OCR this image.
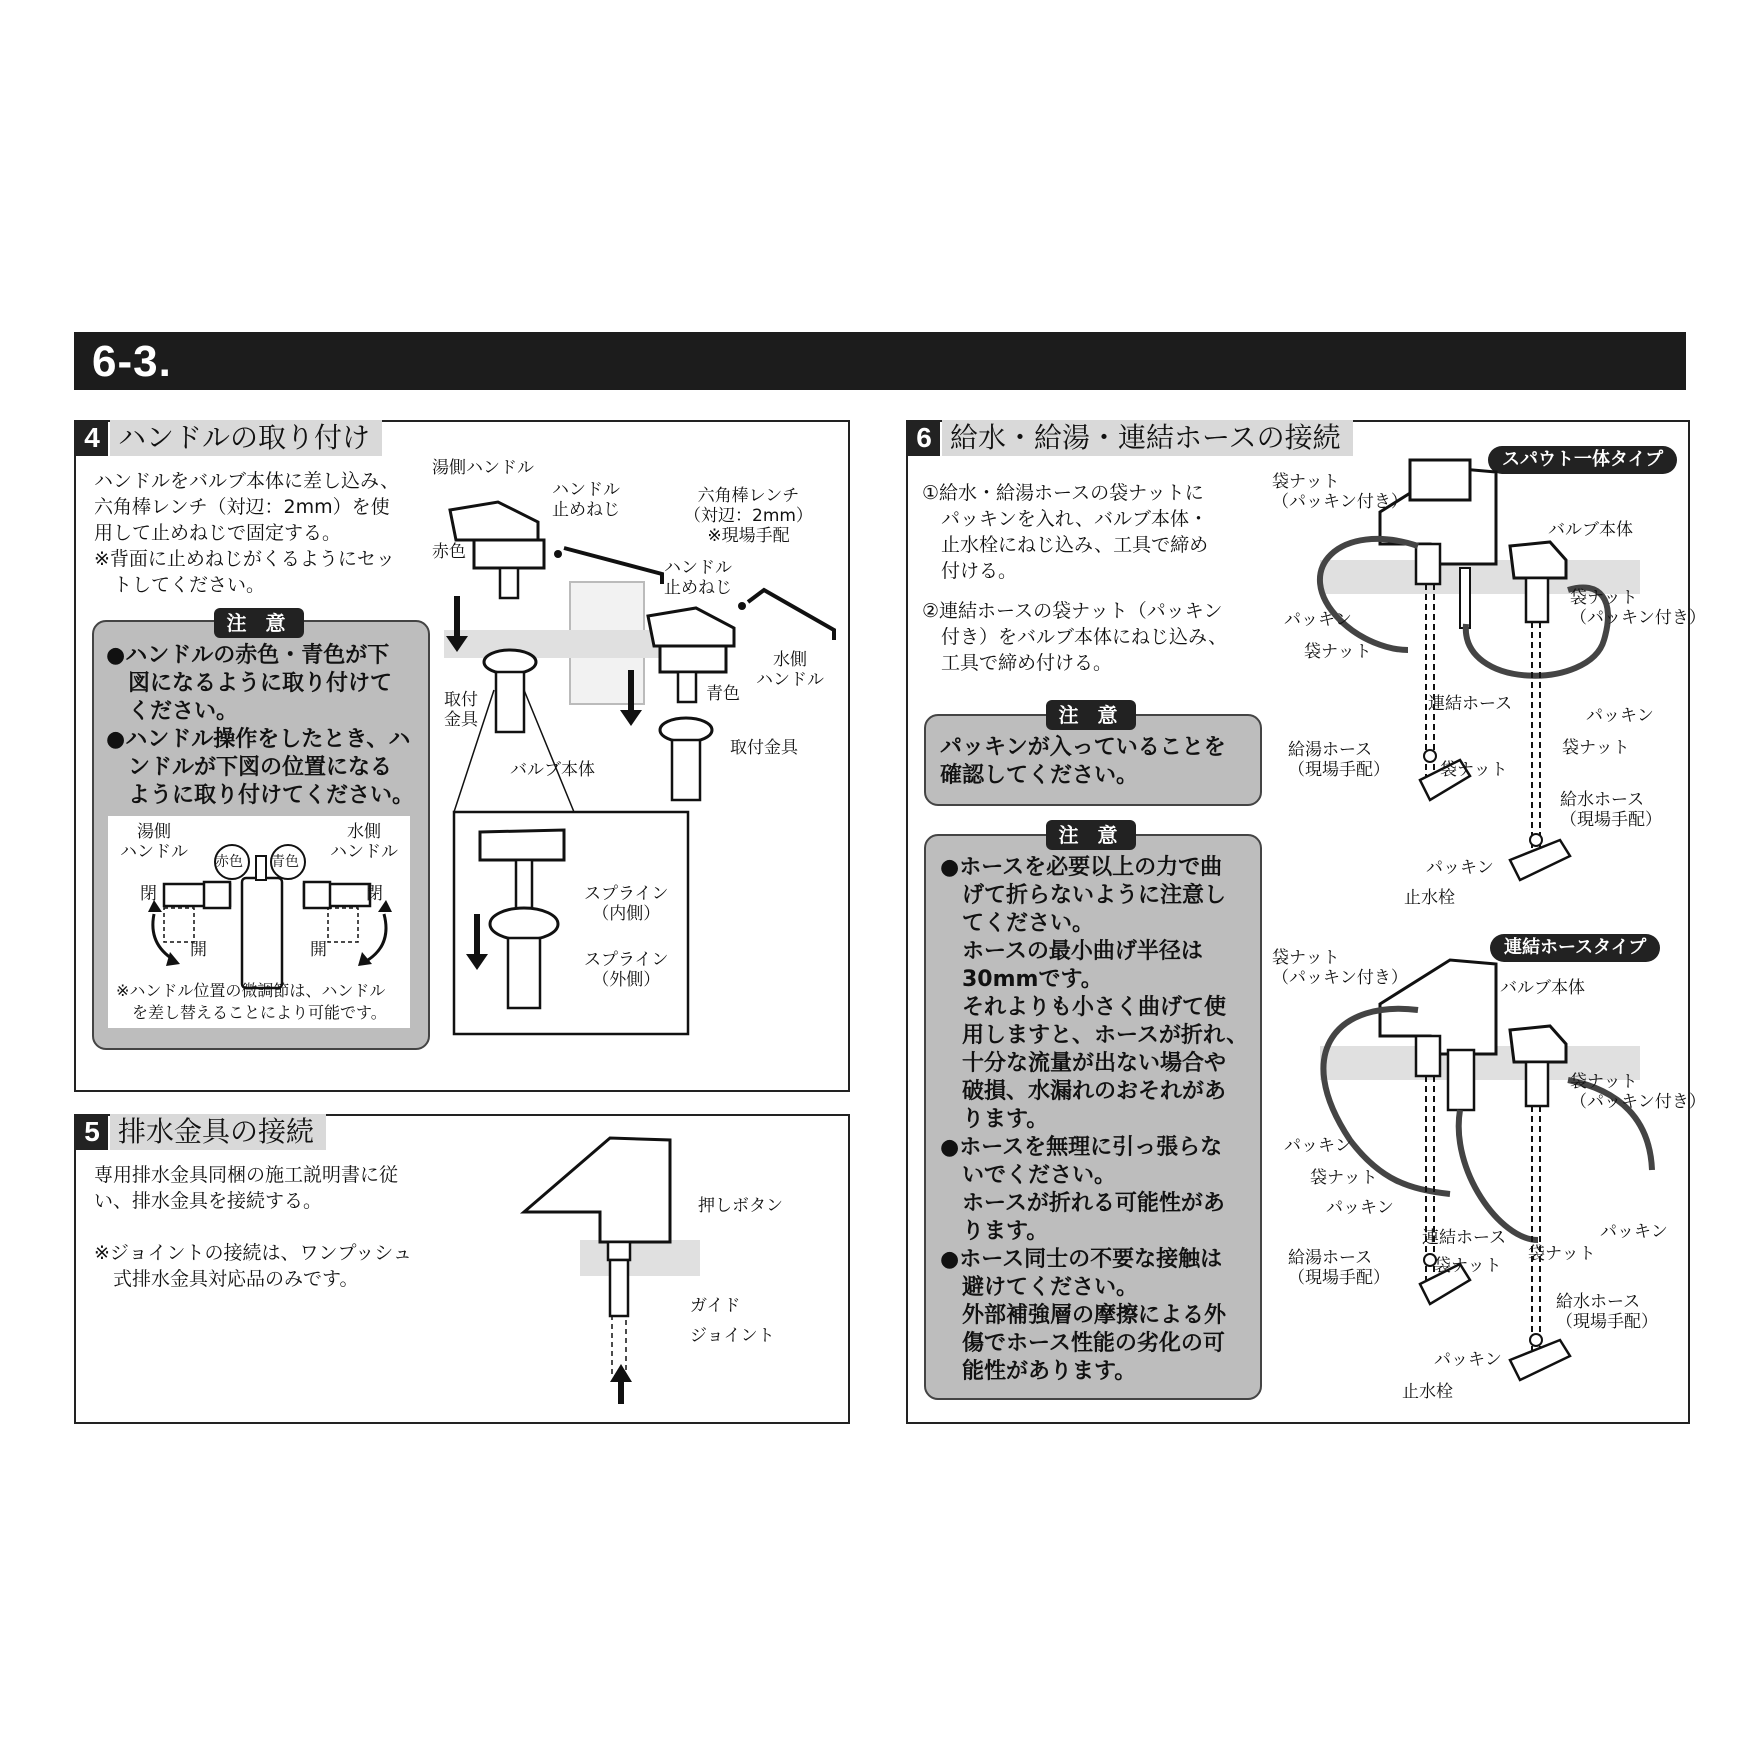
6-3.
4 ハンドルの取り付け
ハンドルをバルブ本体に差し込み、
六角棒レンチ（対辺：2mm）を使
用して止めねじで固定する。
※背面に止めねじがくるようにセッ
　トしてください。
注 意
●ハンドルの赤色・青色が下
　図になるように取り付けて
　ください。
●ハンドル操作をしたとき、ハ
　ンドルが下図の位置になる
　ように取り付けてください。
湯側
ハンドル
水側
ハンドル
赤色 青色
閉
開	開
閉
※ハンドル位置の微調節は、ハンドル
　を差し替えることにより可能です。
湯側ハンドル
ハンドル
止めねじ
六角棒レンチ
（対辺：2mm）
※現場手配
赤色
ハンドル
止めねじ
水側
ハンドル
取付
金具
青色
取付金具
バルブ本体
スプライン
（内側）
スプライン
（外側）
5 排水金具の接続
専用排水金具同梱の施工説明書に従
い、排水金具を接続する。
※ジョイントの接続は、ワンプッシュ
　式排水金具対応品のみです。
押しボタン
ガイド
ジョイント
6 給水・給湯・連結ホースの接続
①給水・給湯ホースの袋ナットに
　パッキンを入れ、バルブ本体・
　止水栓にねじ込み、工具で締め
　付ける。
②連結ホースの袋ナット（パッキン
　付き）をバルブ本体にねじ込み、
　工具で締め付ける。
注 意
パッキンが入っていることを
確認してください。
注 意
●ホースを必要以上の力で曲
　げて折らないように注意し
　てください。
　ホースの最小曲げ半径は
　30mmです。
　それよりも小さく曲げて使
　用しますと、ホースが折れ、
　十分な流量が出ない場合や
　破損、水漏れのおそれがあ
　ります。
●ホースを無理に引っ張らな
　いでください。
　ホースが折れる可能性があ
　ります。
●ホース同士の不要な接触は
　避けてください。
　外部補強層の摩擦による外
　傷でホース性能の劣化の可
　能性があります。
スパウト一体タイプ
袋ナット
（パッキン付き）
バルブ本体
袋ナット
（パッキン付き）
パッキン
袋ナット
連結ホース
パッキン
袋ナット
給湯ホース
（現場手配）	袋ナット
給水ホース
（現場手配）
パッキン
止水栓
連結ホースタイプ
袋ナット
（パッキン付き）	バルブ本体
袋ナット
（パッキン付き）
パッキン
袋ナット
パッキン
連結ホース	パッキン
袋ナット
給湯ホース
（現場手配）
袋ナット
給水ホース
（現場手配）
パッキン
止水栓
